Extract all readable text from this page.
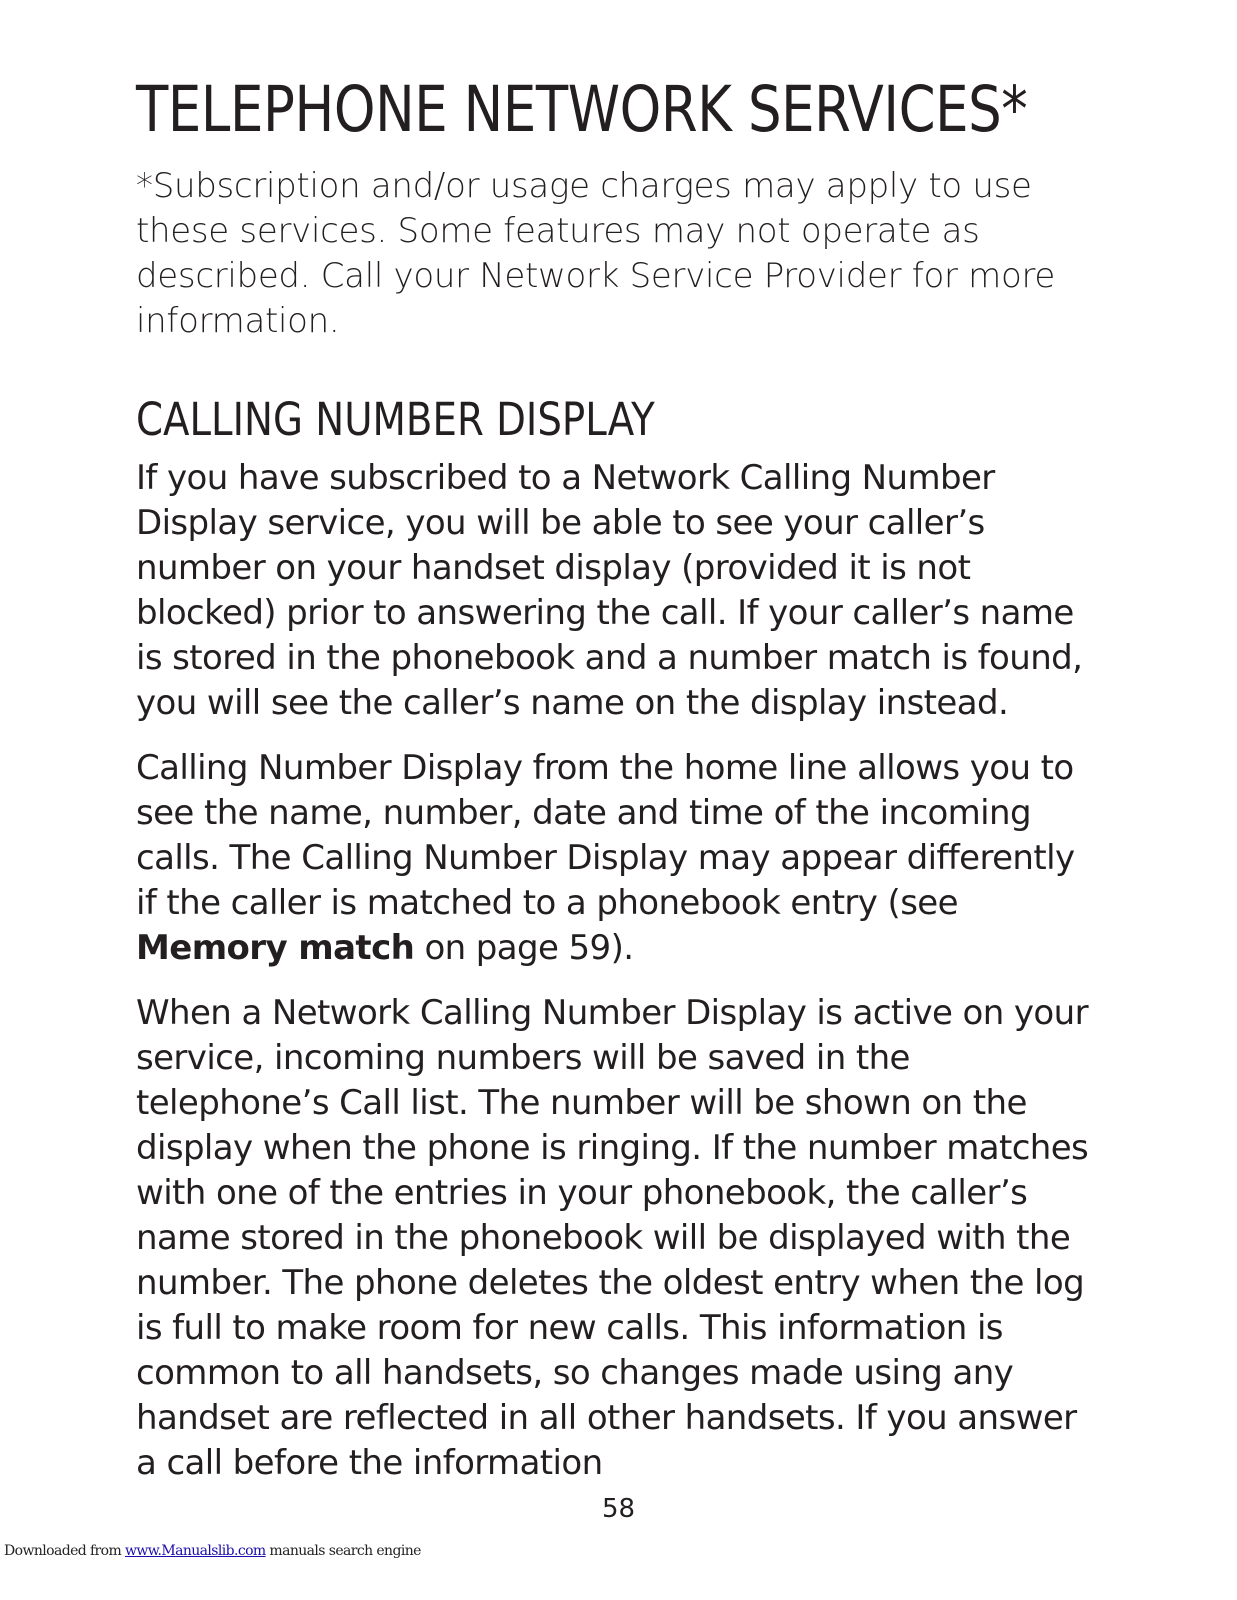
TELEPHONE NETWORK SERVICES*

*Subscription and/or usage charges may apply to use these services. Some features may not operate as described. Call your Network Service Provider for more information.

CALLING NUMBER DISPLAY

If you have subscribed to a Network Calling Number Display service, you will be able to see your caller’s number on your handset display (provided it is not blocked) prior to answering the call. If your caller’s name is stored in the phonebook and a number match is found, you will see the caller’s name on the display instead.

Calling Number Display from the home line allows you to see the name, number, date and time of the incoming calls. The Calling Number Display may appear differently if the caller is matched to a phonebook entry (see Memory match on page 59).

When a Network Calling Number Display is active on your service, incoming numbers will be saved in the telephone’s Call list. The number will be shown on the display when the phone is ringing. If the number matches with one of the entries in your phonebook, the caller’s name stored in the phonebook will be displayed with the number. The phone deletes the oldest entry when the log is full to make room for new calls. This information is common to all handsets, so changes made using any handset are reflected in all other handsets. If you answer a call before the information

58
Downloaded from www.Manualslib.com manuals search engine
